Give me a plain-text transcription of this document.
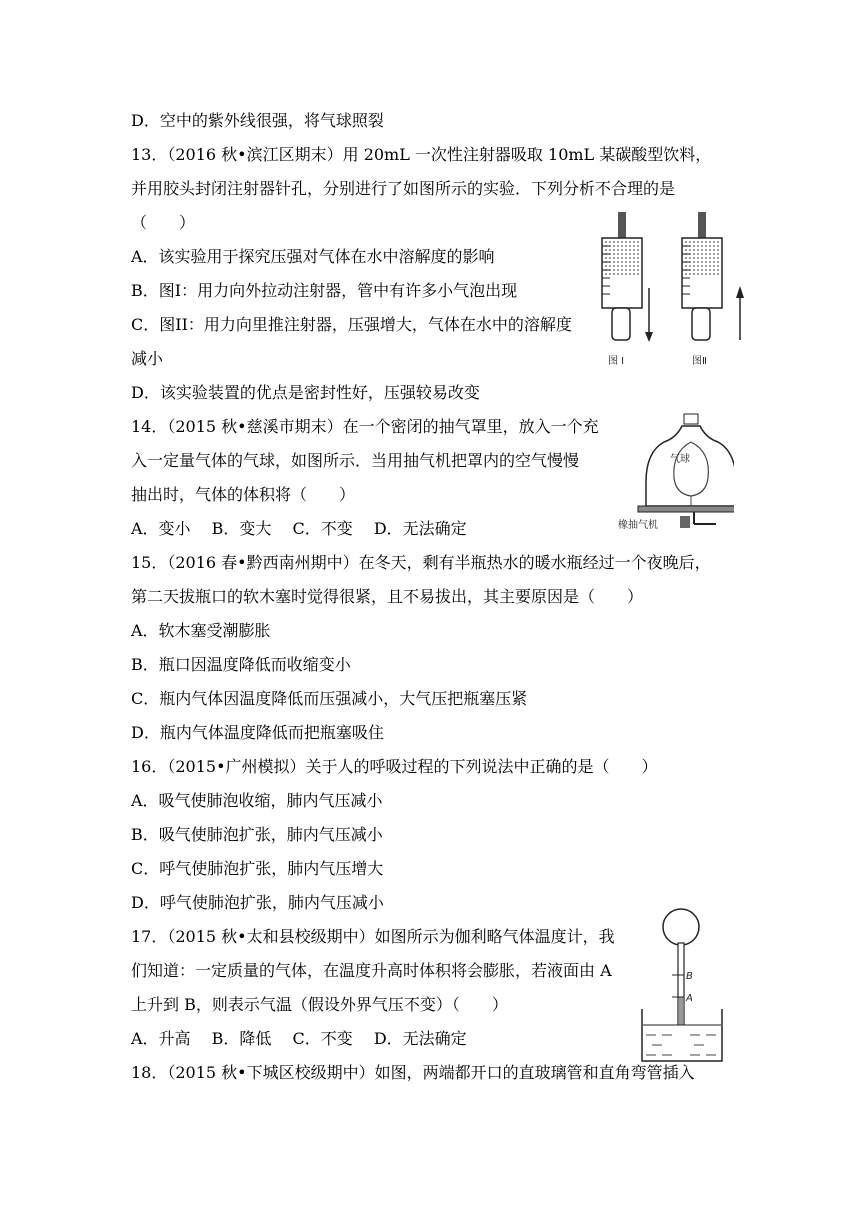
D．空中的紫外线很强，将气球照裂
13．（2016 秋•滨江区期末）用 20mL 一次性注射器吸取 10mL 某碳酸型饮料，
并用胶头封闭注射器针孔，分别进行了如图所示的实验．下列分析不合理的是
（　　）
A．该实验用于探究压强对气体在水中溶解度的影响
B．图I：用力向外拉动注射器，管中有许多小气泡出现
C．图II：用力向里推注射器，压强增大，气体在水中的溶解度
减小
D．该实验装置的优点是密封性好，压强较易改变
14．（2015 秋•慈溪市期末）在一个密闭的抽气罩里，放入一个充
入一定量气体的气球，如图所示．当用抽气机把罩内的空气慢慢
抽出时，气体的体积将（　　）
A．变小　 B．变大　 C．不变　 D．无法确定
15．（2016 春•黔西南州期中）在冬天，剩有半瓶热水的暖水瓶经过一个夜晚后，
第二天拔瓶口的软木塞时觉得很紧，且不易拔出，其主要原因是（　　）
A．软木塞受潮膨胀
B．瓶口因温度降低而收缩变小
C．瓶内气体因温度降低而压强减小，大气压把瓶塞压紧
D．瓶内气体温度降低而把瓶塞吸住
16．（2015•广州模拟）关于人的呼吸过程的下列说法中正确的是（　　）
A．吸气使肺泡收缩，肺内气压减小
B．吸气使肺泡扩张，肺内气压减小
C．呼气使肺泡扩张，肺内气压增大
D．呼气使肺泡扩张，肺内气压减小
17．（2015 秋•太和县校级期中）如图所示为伽利略气体温度计，我
们知道：一定质量的气体，在温度升高时体积将会膨胀，若液面由 A
上升到 B，则表示气温（假设外界气压不变）（　　）
A．升高　 B．降低　 C．不变　 D．无法确定
18．（2015 秋•下城区校级期中）如图，两端都开口的直玻璃管和直角弯管插入
图 I	图Ⅱ
气球
橡抽气机
B
A
